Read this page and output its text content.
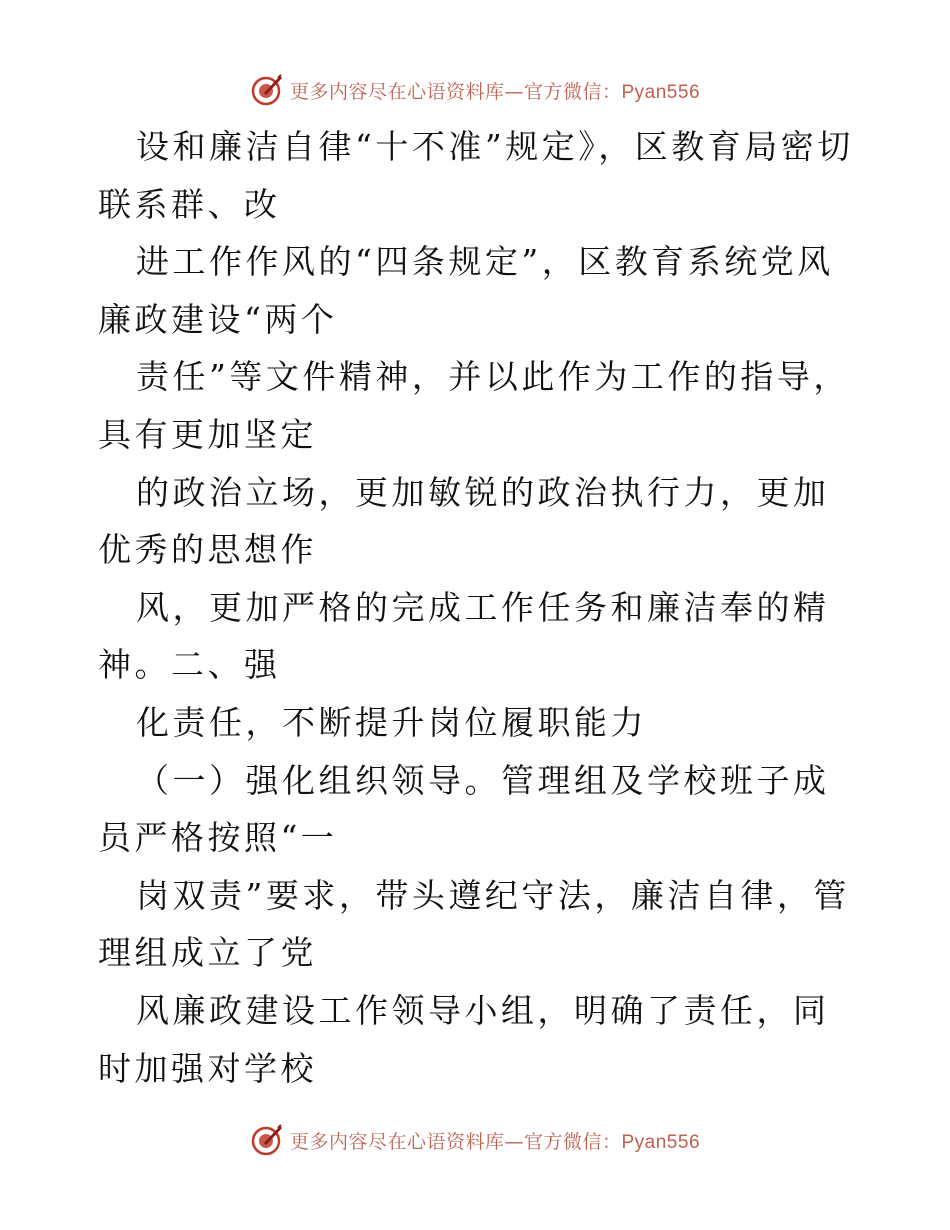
更多内容尽在心语资料库—官方微信：Pyan556

设和廉洁自律“十不准”规定》，区教育局密切联系群、改

进工作作风的“四条规定”，区教育系统党风廉政建设“两个

责任”等文件精神，并以此作为工作的指导，具有更加坚定

的政治立场，更加敏锐的政治执行力，更加优秀的思想作

风，更加严格的完成工作任务和廉洁奉的精神。二、强

化责任，不断提升岗位履职能力

（一）强化组织领导。管理组及学校班子成员严格按照“一

岗双责”要求，带头遵纪守法，廉洁自律，管理组成立了党

风廉政建设工作领导小组，明确了责任，同时加强对学校

更多内容尽在心语资料库—官方微信：Pyan556
